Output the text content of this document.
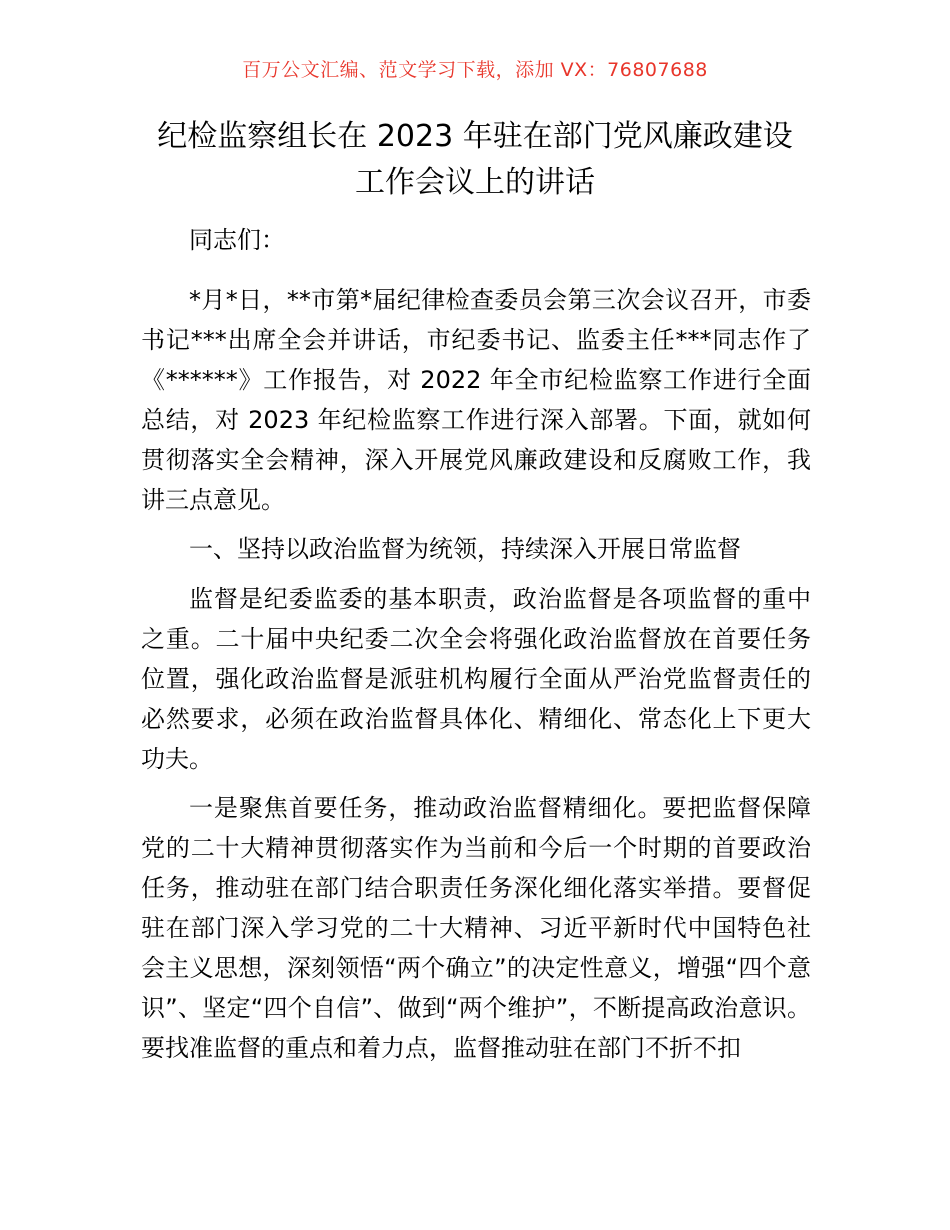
百万公文汇编、范文学习下载，添加 VX：76807688
纪检监察组长在 2023 年驻在部门党风廉政建设
工作会议上的讲话

同志们：

*月*日，**市第*届纪律检查委员会第三次会议召开，市委书记***出席全会并讲话，市纪委书记、监委主任***同志作了《******》工作报告，对 2022 年全市纪检监察工作进行全面总结，对 2023 年纪检监察工作进行深入部署。下面，就如何贯彻落实全会精神，深入开展党风廉政建设和反腐败工作，我讲三点意见。

一、坚持以政治监督为统领，持续深入开展日常监督

监督是纪委监委的基本职责，政治监督是各项监督的重中之重。二十届中央纪委二次全会将强化政治监督放在首要任务位置，强化政治监督是派驻机构履行全面从严治党监督责任的必然要求，必须在政治监督具体化、精细化、常态化上下更大功夫。

一是聚焦首要任务，推动政治监督精细化。要把监督保障党的二十大精神贯彻落实作为当前和今后一个时期的首要政治任务，推动驻在部门结合职责任务深化细化落实举措。要督促驻在部门深入学习党的二十大精神、习近平新时代中国特色社会主义思想，深刻领悟“两个确立”的决定性意义，增强“四个意识”、坚定“四个自信”、做到“两个维护”，不断提高政治意识。要找准监督的重点和着力点，监督推动驻在部门不折不扣
